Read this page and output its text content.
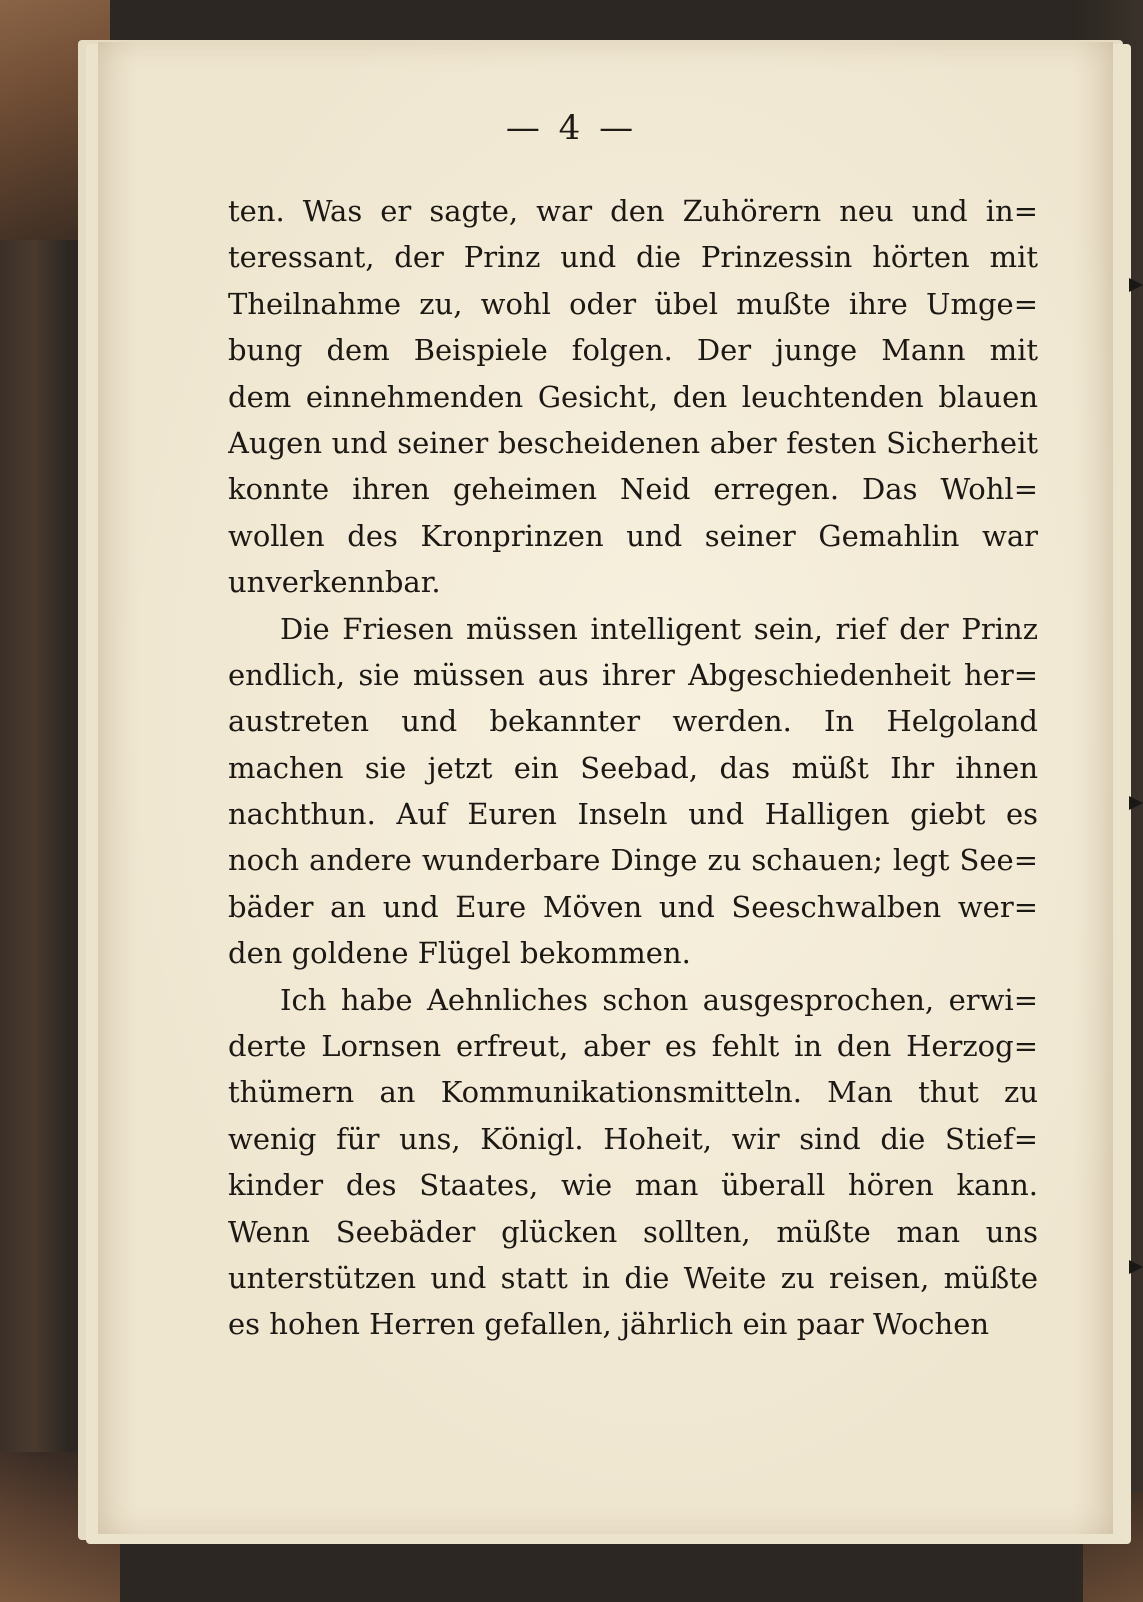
— 4 —
ten. Was er sagte, war den Zuhörern neu und in=
teressant, der Prinz und die Prinzessin hörten mit
Theilnahme zu, wohl oder übel mußte ihre Umge=
bung dem Beispiele folgen. Der junge Mann mit
dem einnehmenden Gesicht, den leuchtenden blauen
Augen und seiner bescheidenen aber festen Sicherheit
konnte ihren geheimen Neid erregen. Das Wohl=
wollen des Kronprinzen und seiner Gemahlin war
unverkennbar.
Die Friesen müssen intelligent sein, rief der Prinz
endlich, sie müssen aus ihrer Abgeschiedenheit her=
austreten und bekannter werden. In Helgoland
machen sie jetzt ein Seebad, das müßt Ihr ihnen
nachthun. Auf Euren Inseln und Halligen giebt es
noch andere wunderbare Dinge zu schauen; legt See=
bäder an und Eure Möven und Seeschwalben wer=
den goldene Flügel bekommen.
Ich habe Aehnliches schon ausgesprochen, erwi=
derte Lornsen erfreut, aber es fehlt in den Herzog=
thümern an Kommunikationsmitteln. Man thut zu
wenig für uns, Königl. Hoheit, wir sind die Stief=
kinder des Staates, wie man überall hören kann.
Wenn Seebäder glücken sollten, müßte man uns
unterstützen und statt in die Weite zu reisen, müßte
es hohen Herren gefallen, jährlich ein paar Wochen
